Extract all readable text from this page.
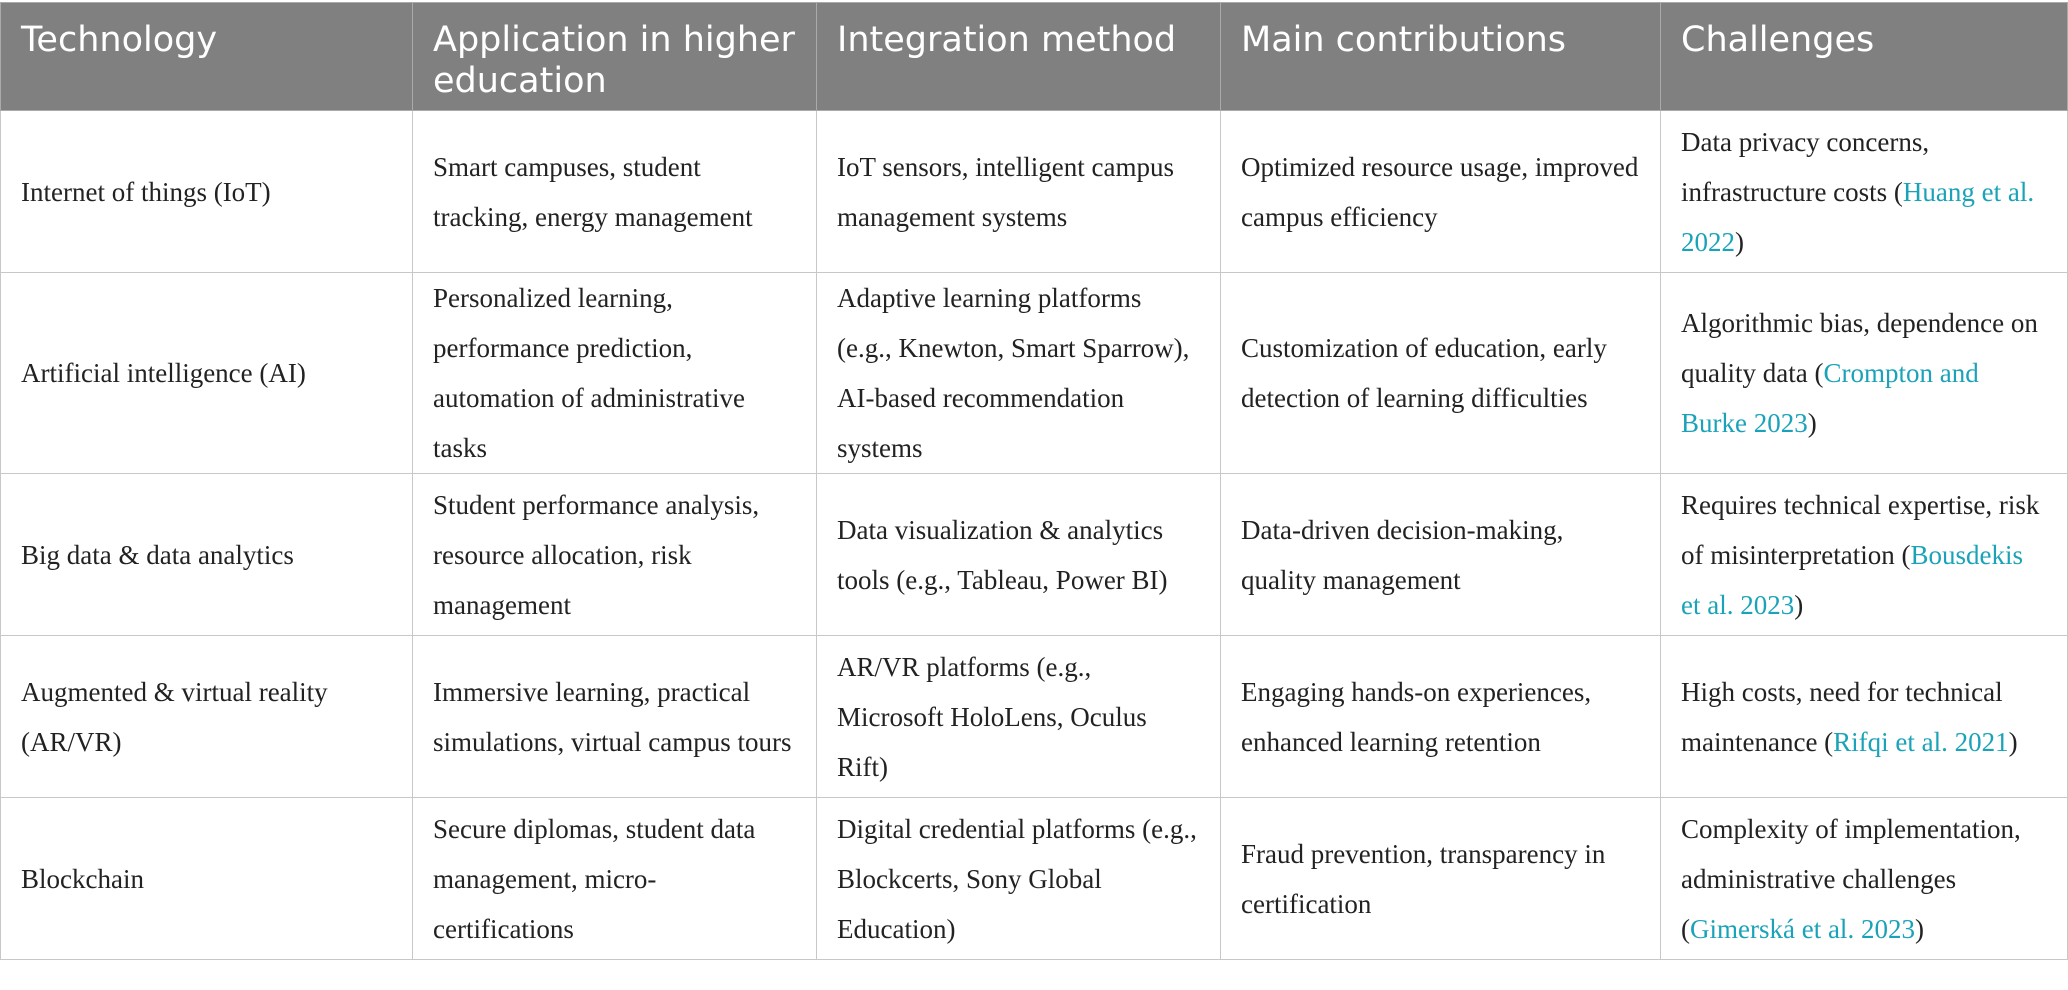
Technology	Application in higher education	Integration method	Main contributions	Challenges
Internet of things (IoT)	Smart campuses, student tracking, energy management	IoT sensors, intelligent campus management systems	Optimized resource usage, improved campus efficiency	Data privacy concerns, infrastructure costs (Huang et al. 2022)
Artificial intelligence (AI)	Personalized learning, performance prediction, automation of administrative tasks	Adaptive learning platforms (e.g., Knewton, Smart Sparrow), AI-based recommendation systems	Customization of education, early detection of learning difficulties	Algorithmic bias, dependence on quality data (Crompton and Burke 2023)
Big data & data analytics	Student performance analysis, resource allocation, risk management	Data visualization & analytics tools (e.g., Tableau, Power BI)	Data-driven decision-making, quality management	Requires technical expertise, risk of misinterpretation (Bousdekis et al. 2023)
Augmented & virtual reality (AR/VR)	Immersive learning, practical simulations, virtual campus tours	AR/VR platforms (e.g., Microsoft HoloLens, Oculus Rift)	Engaging hands-on experiences, enhanced learning retention	High costs, need for technical maintenance (Rifqi et al. 2021)
Blockchain	Secure diplomas, student data management, micro-certifications	Digital credential platforms (e.g., Blockcerts, Sony Global Education)	Fraud prevention, transparency in certification	Complexity of implementation, administrative challenges (Gimerská et al. 2023)
